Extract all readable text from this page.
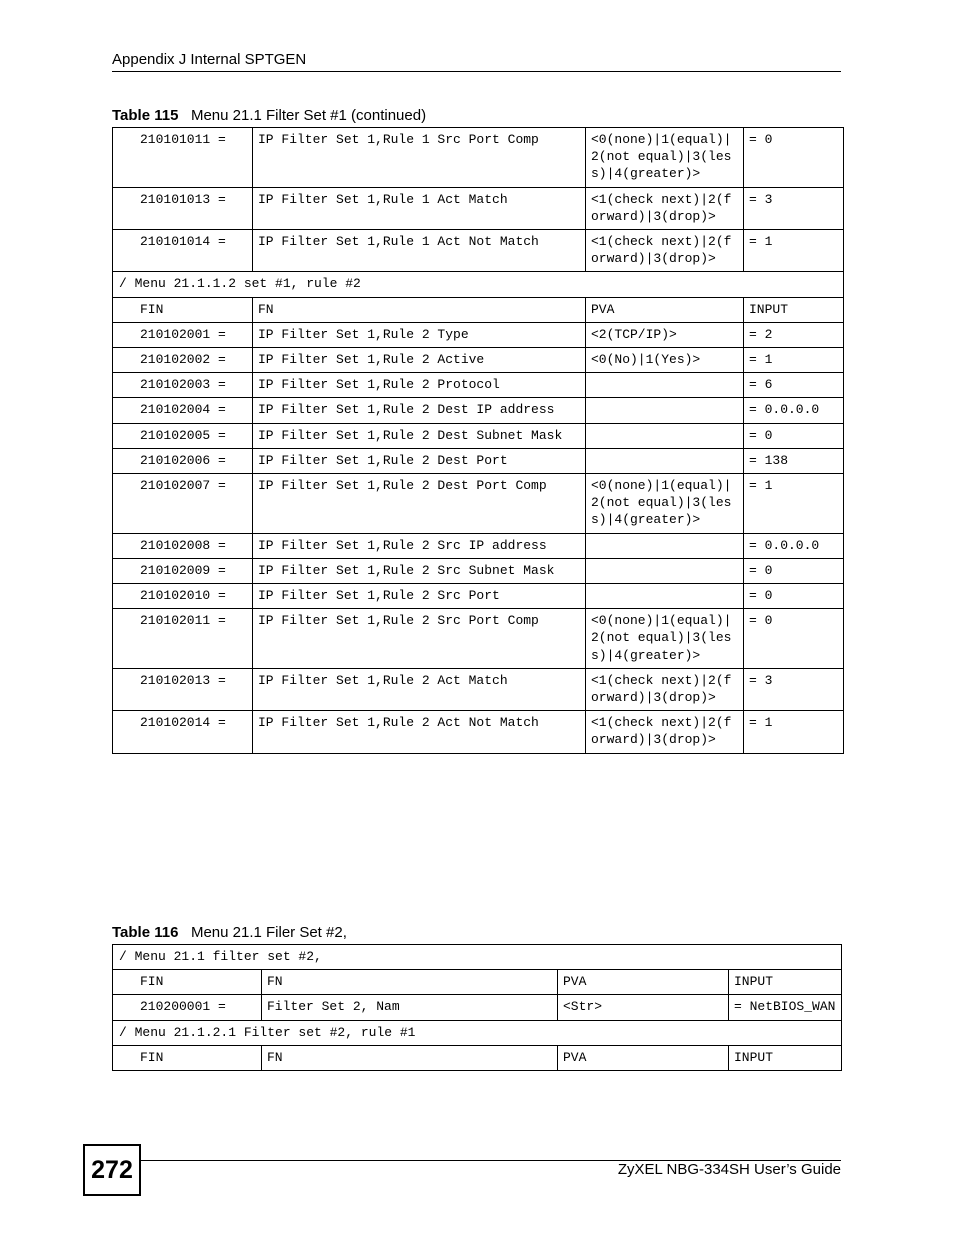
Appendix J Internal SPTGEN
Table 115 Menu 21.1 Filter Set #1 (continued)
210101011 =	IP Filter Set 1,Rule 1 Src Port Comp	<0(none)|1(equal)|2(not equal)|3(less)|4(greater)>	= 0
210101013 =	IP Filter Set 1,Rule 1 Act Match	<1(check next)|2(forward)|3(drop)>	= 3
210101014 =	IP Filter Set 1,Rule 1 Act Not Match	<1(check next)|2(forward)|3(drop)>	= 1
/ Menu 21.1.1.2 set #1, rule #2			
FIN	FN	PVA	INPUT
210102001 =	IP Filter Set 1,Rule 2 Type	<2(TCP/IP)>	= 2
210102002 =	IP Filter Set 1,Rule 2 Active	<0(No)|1(Yes)>	= 1
210102003 =	IP Filter Set 1,Rule 2 Protocol		= 6
210102004 =	IP Filter Set 1,Rule 2 Dest IP address		= 0.0.0.0
210102005 =	IP Filter Set 1,Rule 2 Dest Subnet Mask		= 0
210102006 =	IP Filter Set 1,Rule 2 Dest Port		= 138
210102007 =	IP Filter Set 1,Rule 2 Dest Port Comp	<0(none)|1(equal)|2(not equal)|3(less)|4(greater)>	= 1
210102008 =	IP Filter Set 1,Rule 2 Src IP address		= 0.0.0.0
210102009 =	IP Filter Set 1,Rule 2 Src Subnet Mask		= 0
210102010 =	IP Filter Set 1,Rule 2 Src Port		= 0
210102011 =	IP Filter Set 1,Rule 2 Src Port Comp	<0(none)|1(equal)|2(not equal)|3(less)|4(greater)>	= 0
210102013 =	IP Filter Set 1,Rule 2 Act Match	<1(check next)|2(forward)|3(drop)>	= 3
210102014 =	IP Filter Set 1,Rule 2 Act Not Match	<1(check next)|2(forward)|3(drop)>	= 1
Table 116 Menu 21.1 Filer Set #2,
/ Menu 21.1 filter set #2,			
FIN	FN	PVA	INPUT
210200001 =	Filter Set 2, Nam	<Str>	= NetBIOS_WAN
/ Menu 21.1.2.1 Filter set #2, rule #1			
FIN	FN	PVA	INPUT
272	ZyXEL NBG-334SH User’s Guide
